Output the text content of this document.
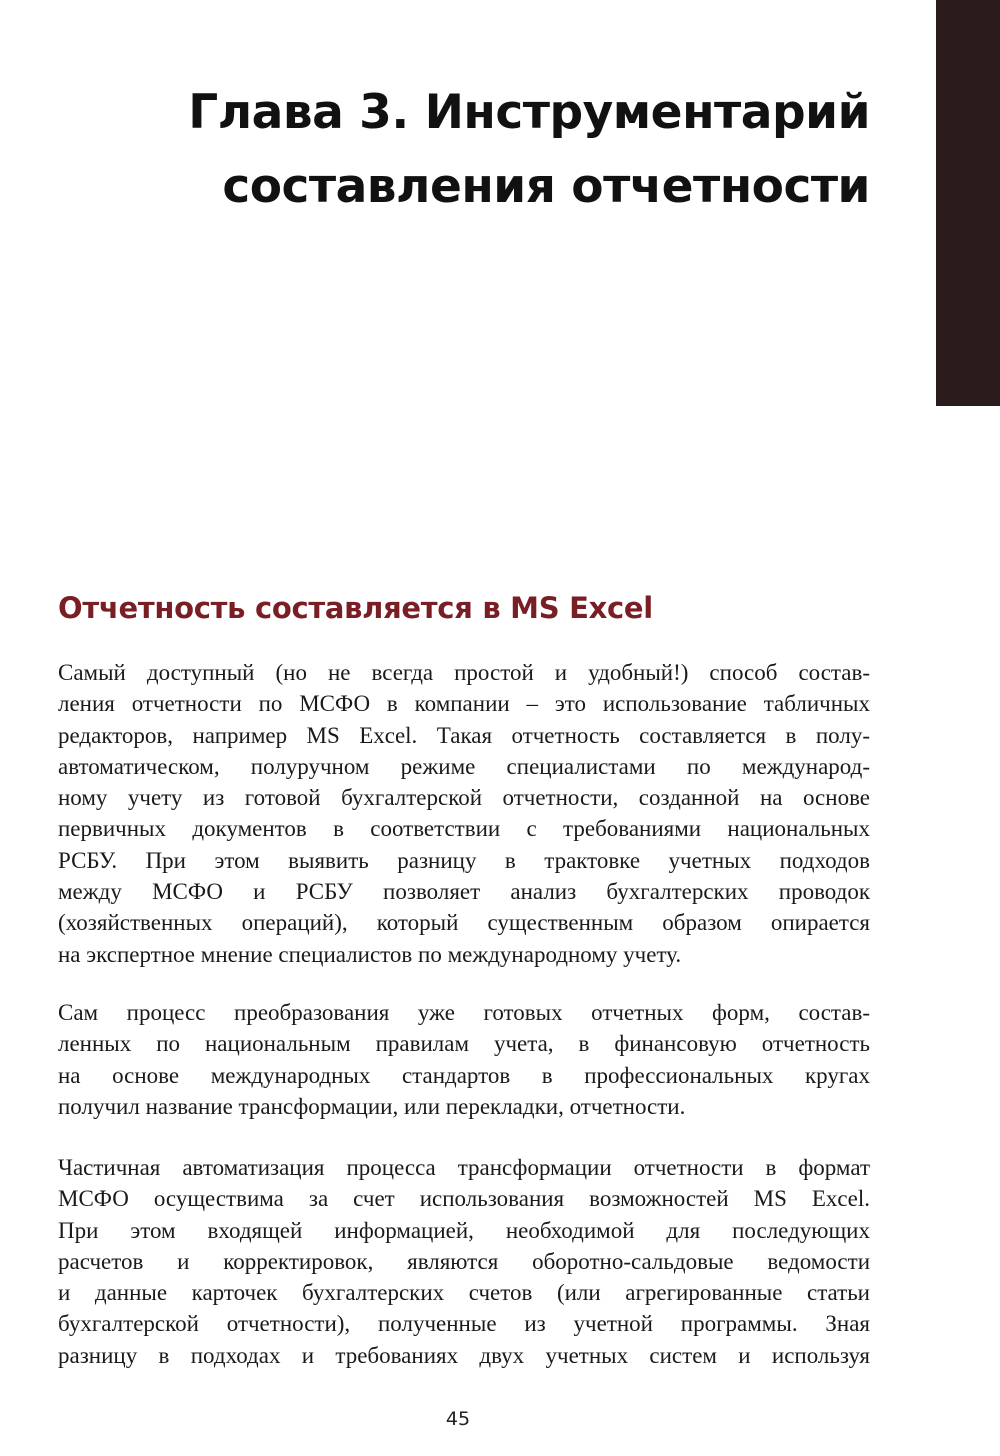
Глава 3. Инструментарий
составления отчетности
Отчетность составляется в MS Excel

Самый доступный (но не всегда простой и удобный!) способ состав-
ления отчетности по МСФО в компании – это использование табличных
редакторов, например MS Excel. Такая отчетность составляется в полу-
автоматическом, полуручном режиме специалистами по международ-
ному учету из готовой бухгалтерской отчетности, созданной на основе
первичных документов в соответствии с требованиями национальных
РСБУ. При этом выявить разницу в трактовке учетных подходов
между МСФО и РСБУ позволяет анализ бухгалтерских проводок
(хозяйственных операций), который существенным образом опирается
на экспертное мнение специалистов по международному учету.

Сам процесс преобразования уже готовых отчетных форм, состав-
ленных по национальным правилам учета, в финансовую отчетность
на основе международных стандартов в профессиональных кругах
получил название трансформации, или перекладки, отчетности.

Частичная автоматизация процесса трансформации отчетности в формат
МСФО осуществима за счет использования возможностей MS Excel.
При этом входящей информацией, необходимой для последующих
расчетов и корректировок, являются оборотно-сальдовые ведомости
и данные карточек бухгалтерских счетов (или агрегированные статьи
бухгалтерской отчетности), полученные из учетной программы. Зная
разницу в подходах и требованиях двух учетных систем и используя

45
